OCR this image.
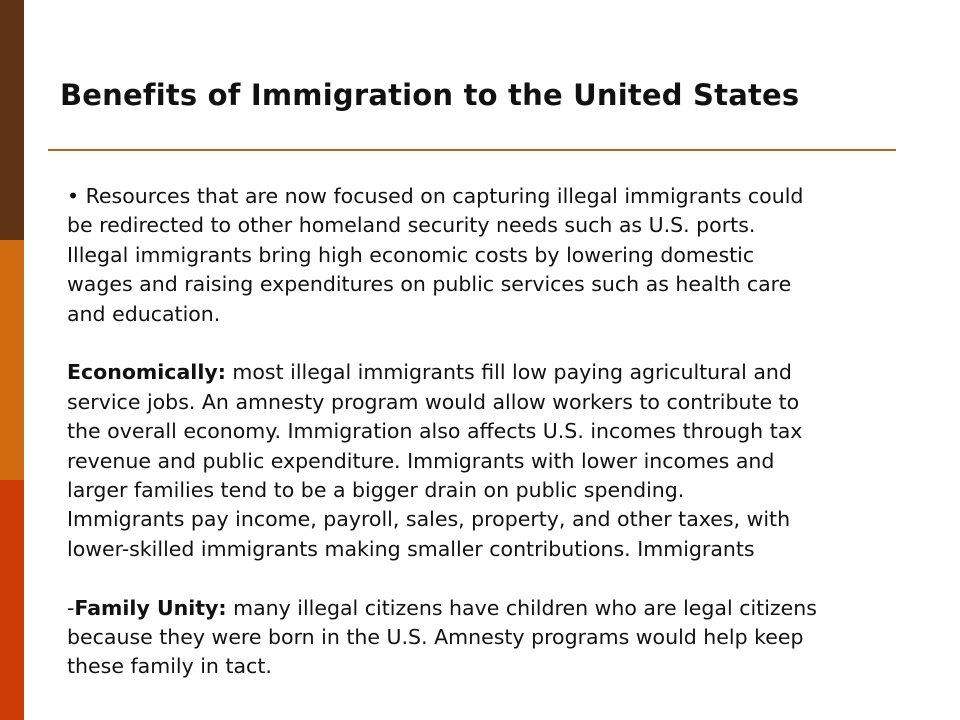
Benefits of Immigration to the United States

• Resources that are now focused on capturing illegal immigrants could
be redirected to other homeland security needs such as U.S. ports.
Illegal immigrants bring high economic costs by lowering domestic
wages and raising expenditures on public services such as health care
and education.

Economically: most illegal immigrants fill low paying agricultural and
service jobs. An amnesty program would allow workers to contribute to
the overall economy. Immigration also affects U.S. incomes through tax
revenue and public expenditure. Immigrants with lower incomes and
larger families tend to be a bigger drain on public spending.
Immigrants pay income, payroll, sales, property, and other taxes, with
lower-skilled immigrants making smaller contributions. Immigrants

-Family Unity: many illegal citizens have children who are legal citizens
because they were born in the U.S. Amnesty programs would help keep
these family in tact.
